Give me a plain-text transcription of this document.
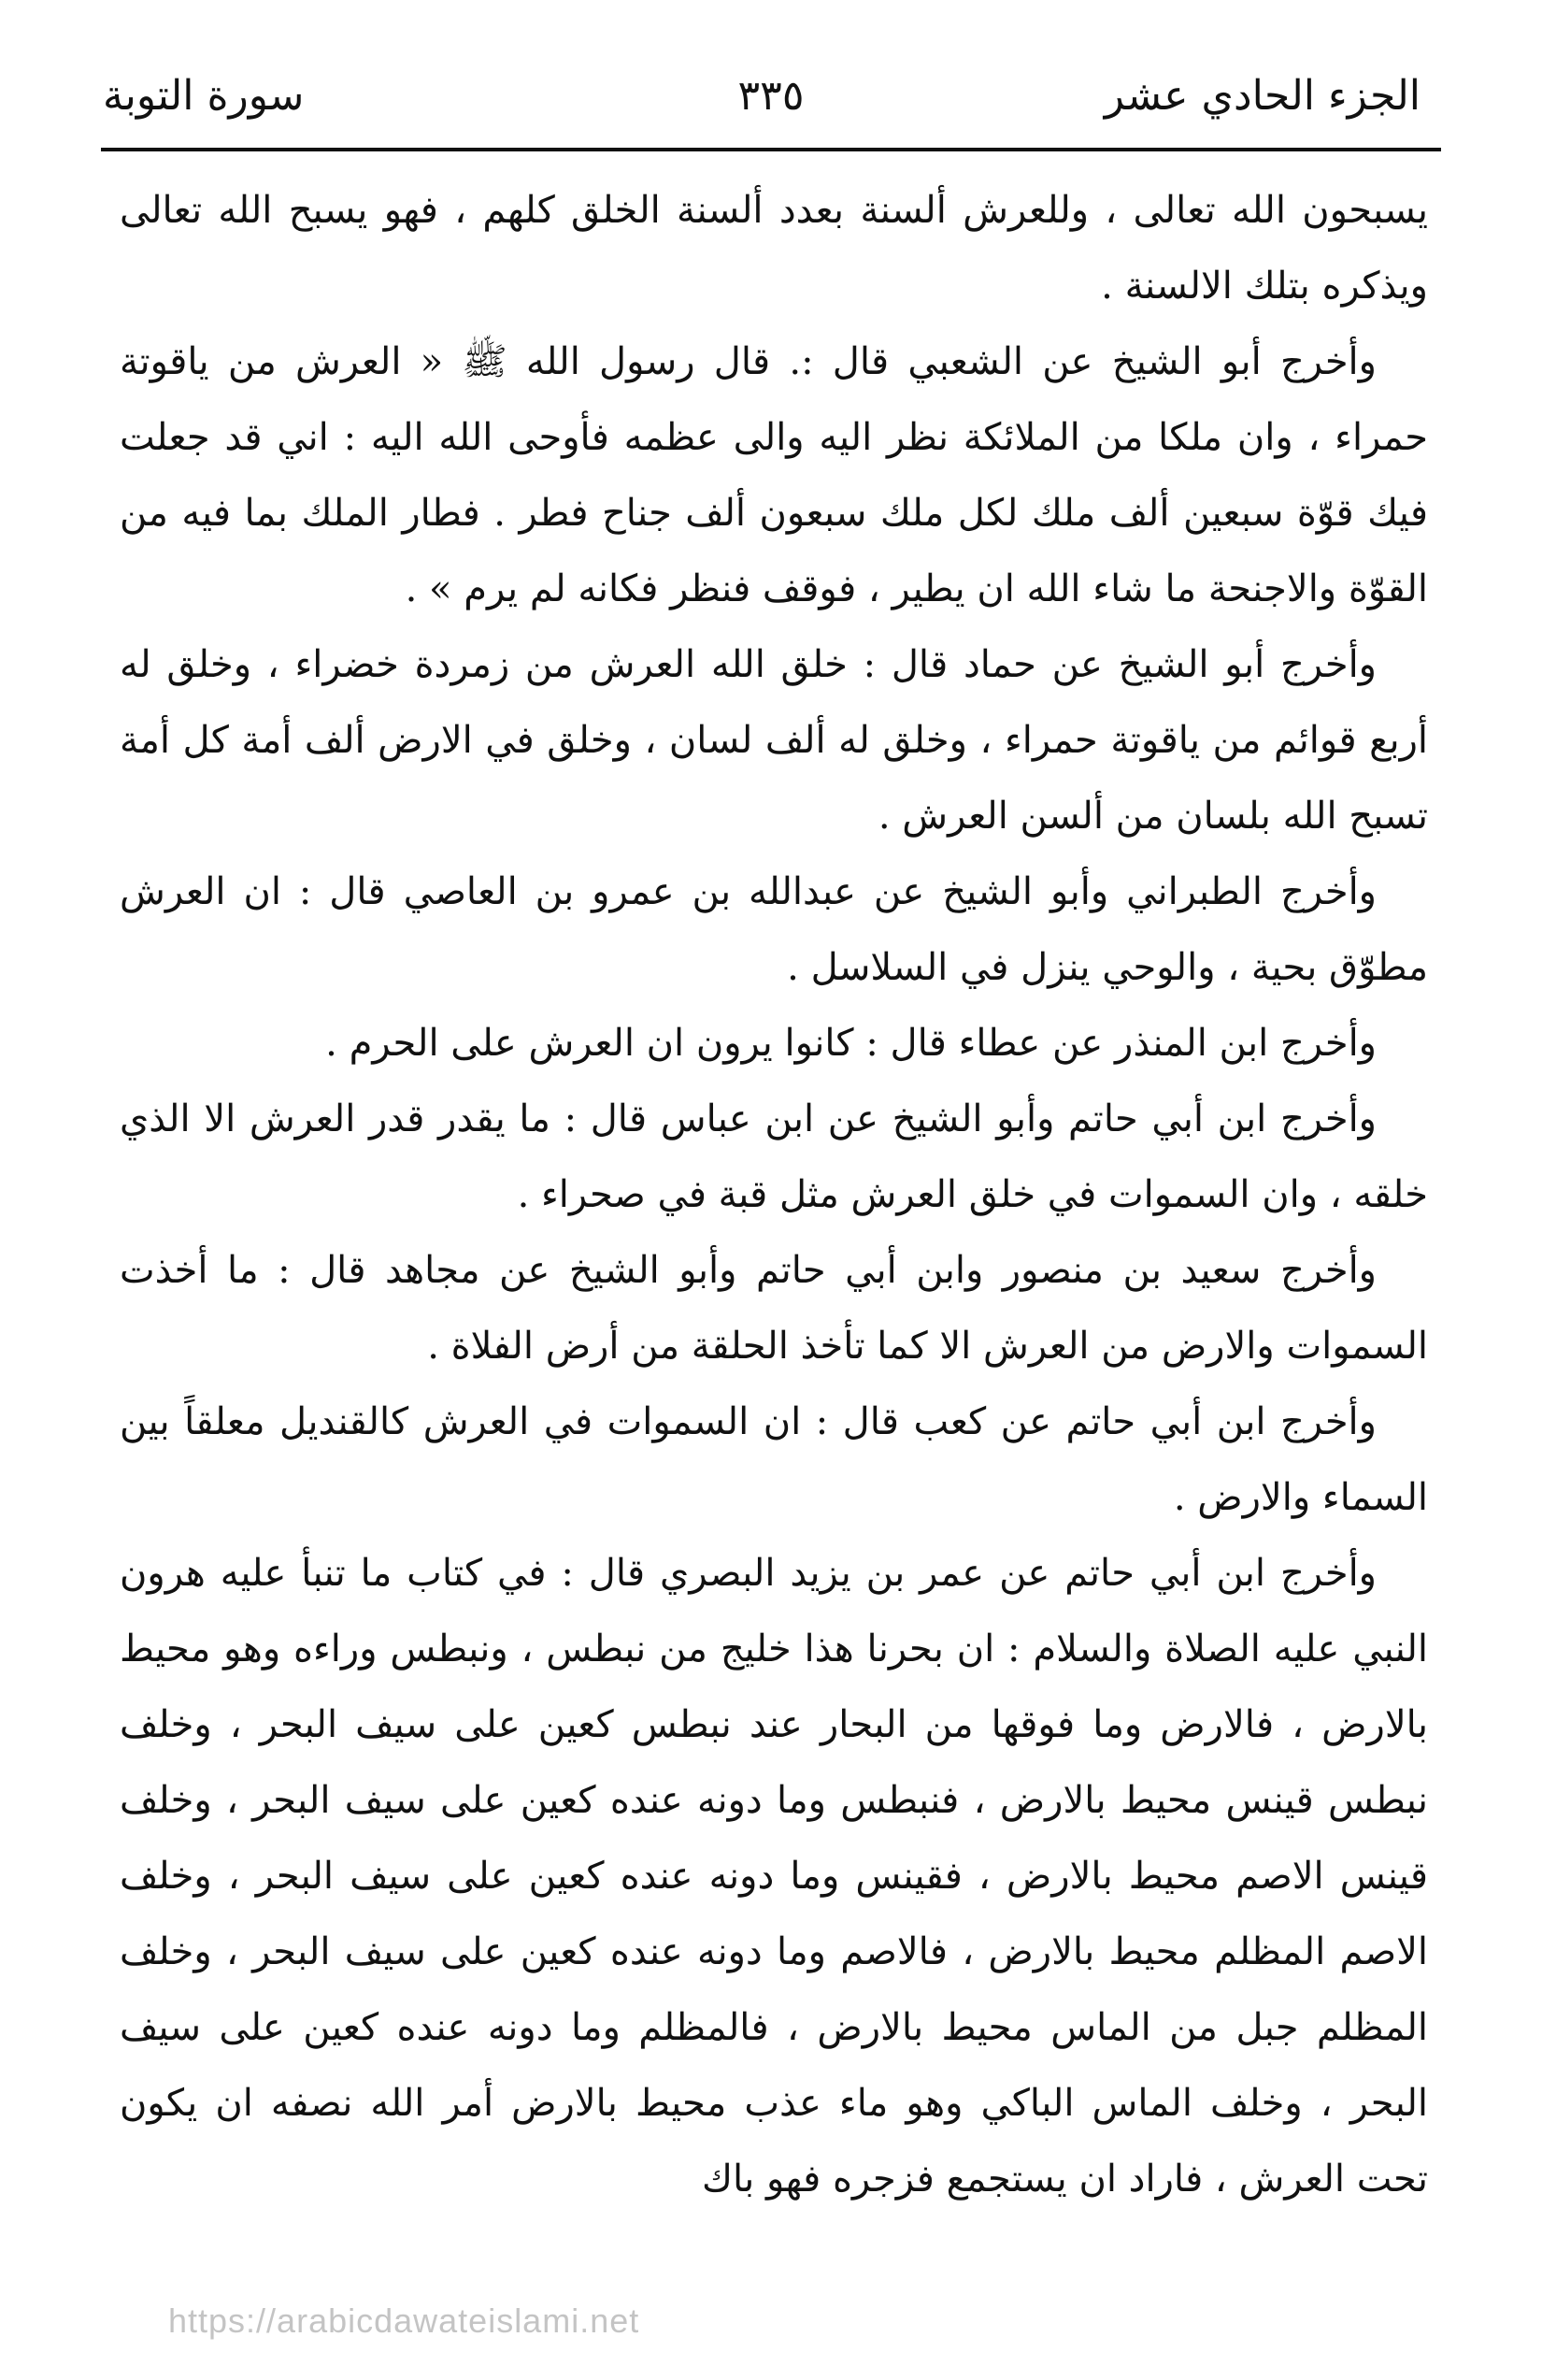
الجزء الحادي عشر
٣٣٥
سورة التوبة

يسبحون الله تعالى ، وللعرش ألسنة بعدد ألسنة الخلق كلهم ، فهو يسبح الله تعالى ويذكره بتلك الالسنة .

وأخرج أبو الشيخ عن الشعبي قال :. قال رسول الله ﷺ « العرش من ياقوتة حمراء ، وان ملكا من الملائكة نظر اليه والى عظمه فأوحى الله اليه : اني قد جعلت فيك قوّة سبعين ألف ملك لكل ملك سبعون ألف جناح فطر . فطار الملك بما فيه من القوّة والاجنحة ما شاء الله ان يطير ، فوقف فنظر فكانه لم يرم » .

وأخرج أبو الشيخ عن حماد قال : خلق الله العرش من زمردة خضراء ، وخلق له أربع قوائم من ياقوتة حمراء ، وخلق له ألف لسان ، وخلق في الارض ألف أمة كل أمة تسبح الله بلسان من ألسن العرش .

وأخرج الطبراني وأبو الشيخ عن عبدالله بن عمرو بن العاصي قال : ان العرش مطوّق بحية ، والوحي ينزل في السلاسل .

وأخرج ابن المنذر عن عطاء قال : كانوا يرون ان العرش على الحرم .

وأخرج ابن أبي حاتم وأبو الشيخ عن ابن عباس قال : ما يقدر قدر العرش الا الذي خلقه ، وان السموات في خلق العرش مثل قبة في صحراء .

وأخرج سعيد بن منصور وابن أبي حاتم وأبو الشيخ عن مجاهد قال : ما أخذت السموات والارض من العرش الا كما تأخذ الحلقة من أرض الفلاة .

وأخرج ابن أبي حاتم عن كعب قال : ان السموات في العرش كالقنديل معلقاً بين السماء والارض .

وأخرج ابن أبي حاتم عن عمر بن يزيد البصري قال : في كتاب ما تنبأ عليه هرون النبي عليه الصلاة والسلام : ان بحرنا هذا خليج من نبطس ، ونبطس وراءه وهو محيط بالارض ، فالارض وما فوقها من البحار عند نبطس كعين على سيف البحر ، وخلف نبطس قينس محيط بالارض ، فنبطس وما دونه عنده كعين على سيف البحر ، وخلف قينس الاصم محيط بالارض ، فقينس وما دونه عنده كعين على سيف البحر ، وخلف الاصم المظلم محيط بالارض ، فالاصم وما دونه عنده كعين على سيف البحر ، وخلف المظلم جبل من الماس محيط بالارض ، فالمظلم وما دونه عنده كعين على سيف البحر ، وخلف الماس الباكي وهو ماء عذب محيط بالارض أمر الله نصفه ان يكون تحت العرش ، فاراد ان يستجمع فزجره فهو باك

https://arabicdawateislami.net
